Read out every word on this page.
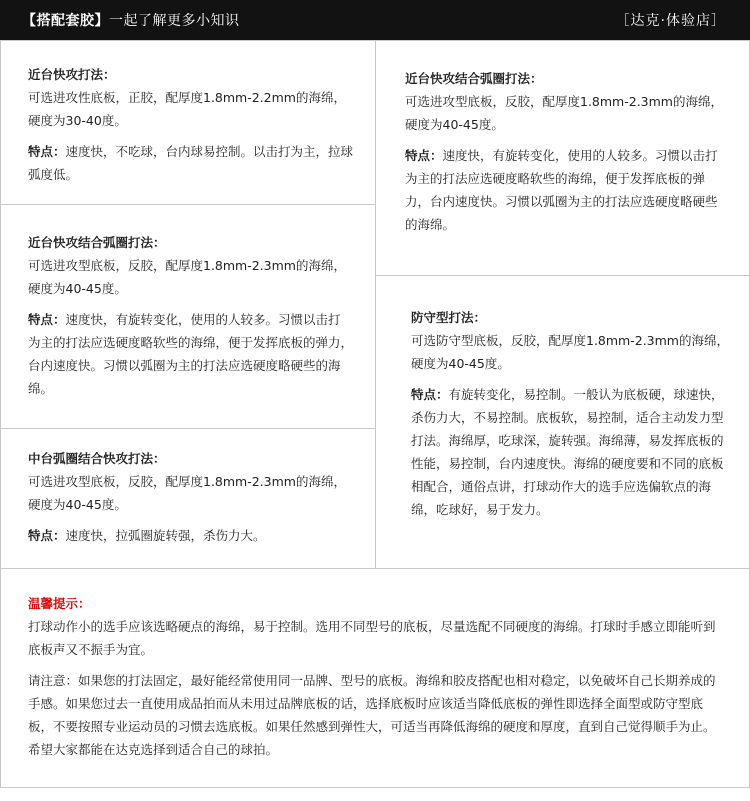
【搭配套胶】一起了解更多小知识	［达克·体验店］

近台快攻打法：

可选进攻性底板，正胶，配厚度1.8mm-2.2mm的海绵，硬度为30-40度。

特点：速度快，不吃球，台内球易控制。以击打为主，拉球弧度低。

近台快攻结合弧圈打法：

可选进攻型底板，反胶，配厚度1.8mm-2.3mm的海绵，硬度为40-45度。

特点：速度快，有旋转变化，使用的人较多。习惯以击打为主的打法应选硬度略软些的海绵，便于发挥底板的弹力，台内速度快。习惯以弧圈为主的打法应选硬度略硬些的海绵。

中台弧圈结合快攻打法：

可选进攻型底板，反胶，配厚度1.8mm-2.3mm的海绵，硬度为40-45度。

特点：速度快，拉弧圈旋转强，杀伤力大。

近台快攻结合弧圈打法：

可选进攻型底板，反胶，配厚度1.8mm-2.3mm的海绵，硬度为40-45度。

特点：速度快，有旋转变化，使用的人较多。习惯以击打为主的打法应选硬度略软些的海绵，便于发挥底板的弹力，台内速度快。习惯以弧圈为主的打法应选硬度略硬些的海绵。

防守型打法：

可选防守型底板，反胶，配厚度1.8mm-2.3mm的海绵，硬度为40-45度。

特点：有旋转变化，易控制。一般认为底板硬，球速快，杀伤力大，不易控制。底板软，易控制，适合主动发力型打法。海绵厚，吃球深，旋转强。海绵薄，易发挥底板的性能，易控制，台内速度快。海绵的硬度要和不同的底板相配合，通俗点讲，打球动作大的选手应选偏软点的海绵，吃球好，易于发力。

温馨提示：

打球动作小的选手应该选略硬点的海绵，易于控制。选用不同型号的底板，尽量选配不同硬度的海绵。打球时手感立即能听到底板声又不振手为宜。

请注意：如果您的打法固定，最好能经常使用同一品牌、型号的底板。海绵和胶皮搭配也相对稳定，以免破坏自己长期养成的手感。如果您过去一直使用成品拍而从未用过品牌底板的话，选择底板时应该适当降低底板的弹性即选择全面型或防守型底板，不要按照专业运动员的习惯去选底板。如果任然感到弹性大，可适当再降低海绵的硬度和厚度，直到自己觉得顺手为止。希望大家都能在达克选择到适合自己的球拍。
